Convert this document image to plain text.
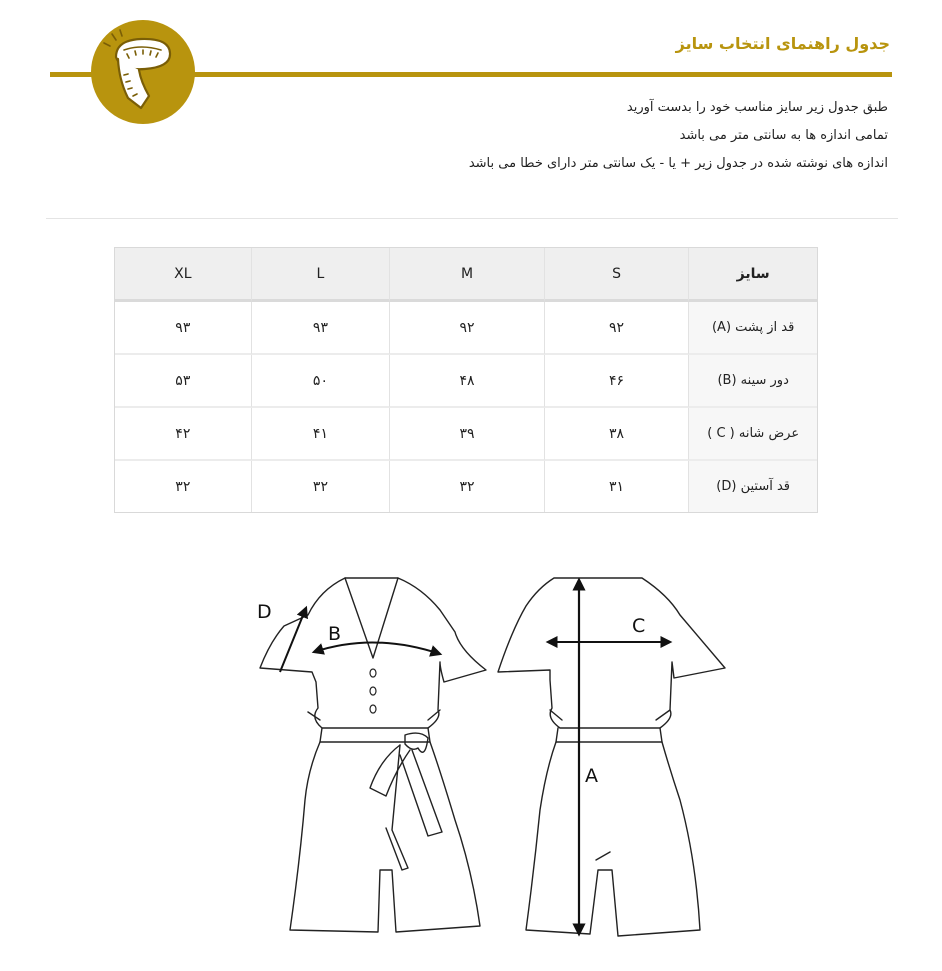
جدول راهنمای انتخاب سایز
طبق جدول زیر سایز مناسب خود را بدست آورید
تمامی اندازه ها به سانتی متر می باشد
اندازه های نوشته شده در جدول زیر + یا - یک سانتی متر دارای خطا می باشد
سایز	S	M	L	XL
قد از پشت (A)	۹۲	۹۲	۹۳	۹۳
دور سینه (B)	۴۶	۴۸	۵۰	۵۳
عرض شانه ( C )	۳۸	۳۹	۴۱	۴۲
قد آستین (D)	۳۱	۳۲	۳۲	۳۲
D
B	C
A
